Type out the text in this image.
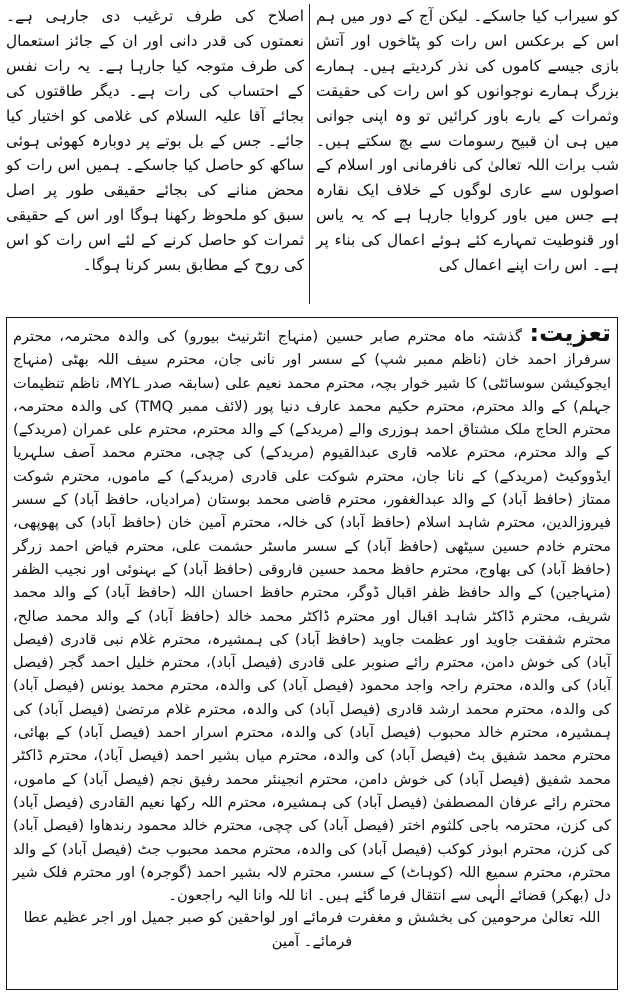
کو سیراب کیا جاسکے۔ لیکن آج کے دور میں ہم اس کے برعکس اس رات کو پٹاخوں اور آتش بازی جیسے کاموں کی نذر کردیتے ہیں۔ ہمارے بزرگ ہمارے نوجوانوں کو اس رات کی حقیقت وثمرات کے بارے باور کرائیں تو وہ اپنی جوانی میں ہی ان قبیح رسومات سے بچ سکتے ہیں۔ شب برات اللہ تعالیٰ کی نافرمانی اور اسلام کے اصولوں سے عاری لوگوں کے خلاف ایک نقارہ ہے جس میں باور کروایا جارہا ہے کہ یہ یاس اور قنوطیت تمہارے کئے ہوئے اعمال کی بناء پر ہے۔ اس رات اپنے اعمال کی

اصلاح کی طرف ترغیب دی جارہی ہے۔ نعمتوں کی قدر دانی اور ان کے جائز استعمال کی طرف متوجہ کیا جارہا ہے۔ یہ رات نفس کے احتساب کی رات ہے۔ دیگر طاقتوں کی بجائے آقا علیہ السلام کی غلامی کو اختیار کیا جائے۔ جس کے بل بوتے پر دوبارہ کھوئی ہوئی ساکھ کو حاصل کیا جاسکے۔ ہمیں اس رات کو محض منانے کی بجائے حقیقی طور پر اصل سبق کو ملحوظ رکھنا ہوگا اور اس کے حقیقی ثمرات کو حاصل کرنے کے لئے اس رات کو اس کی روح کے مطابق بسر کرنا ہوگا۔

تعزیت: گذشتہ ماہ محترم صابر حسین (منہاج انٹرنیٹ بیورو) کی والدہ محترمہ، محترم سرفراز احمد خان (ناظم ممبر شپ) کے سسر اور نانی جان، محترم سیف اللہ بھٹی (منہاج ایجوکیشن سوسائٹی) کا شیر خوار بچہ، محترم محمد نعیم علی (سابقہ صدر MYL، ناظم تنظیمات جہلم) کے والد محترم، محترم حکیم محمد عارف دنیا پور (لائف ممبر TMQ) کی والدہ محترمہ، محترم الحاج ملک مشتاق احمد ہوزری والے (مریدکے) کے والد محترم، محترم علی عمران (مریدکے) کے والد محترم، محترم علامہ قاری عبدالقیوم (مریدکے) کی چچی، محترم محمد آصف سلہریا ایڈووکیٹ (مریدکے) کے نانا جان، محترم شوکت علی قادری (مریدکے) کے ماموں، محترم شوکت ممتاز (حافظ آباد) کے والد عبدالغفور، محترم قاضی محمد بوستان (مرادیاں، حافظ آباد) کے سسر فیروزالدین، محترم شاہد اسلام (حافظ آباد) کی خالہ، محترم آمین خان (حافظ آباد) کی پھوپھی، محترم خادم حسین سیٹھی (حافظ آباد) کے سسر ماسٹر حشمت علی، محترم فیاض احمد زرگر (حافظ آباد) کی بھاوج، محترم حافظ محمد حسین فاروقی (حافظ آباد) کے بہنوئی اور نجیب الظفر (منہاجین) کے والد حافظ ظفر اقبال ڈوگر، محترم حافظ احسان اللہ (حافظ آباد) کے والد محمد شریف، محترم ڈاکٹر شاہد اقبال اور محترم ڈاکٹر محمد خالد (حافظ آباد) کے والد محمد صالح، محترم شفقت جاوید اور عظمت جاوید (حافظ آباد) کی ہمشیرہ، محترم غلام نبی قادری (فیصل آباد) کی خوش دامن، محترم رائے صنوبر علی قادری (فیصل آباد)، محترم خلیل احمد گجر (فیصل آباد) کی والدہ، محترم راجہ واجد محمود (فیصل آباد) کی والدہ، محترم محمد یونس (فیصل آباد) کی والدہ، محترم محمد ارشد قادری (فیصل آباد) کی والدہ، محترم غلام مرتضیٰ (فیصل آباد) کی ہمشیرہ، محترم خالد محبوب (فیصل آباد) کی والدہ، محترم اسرار احمد (فیصل آباد) کے بھائی، محترم محمد شفیق بٹ (فیصل آباد) کی والدہ، محترم میاں بشیر احمد (فیصل آباد)، محترم ڈاکٹر محمد شفیق (فیصل آباد) کی خوش دامن، محترم انجینئر محمد رفیق نجم (فیصل آباد) کے ماموں، محترم رائے عرفان المصطفیٰ (فیصل آباد) کی ہمشیرہ، محترم اللہ رکھا نعیم القادری (فیصل آباد) کی کزن، محترمہ باجی کلثوم اختر (فیصل آباد) کی چچی، محترم خالد محمود رندھاوا (فیصل آباد) کی کزن، محترم ابوذر کوکب (فیصل آباد) کی والدہ، محترم محمد محبوب جٹ (فیصل آباد) کے والد محترم، محترم سمیع اللہ (کوہاٹ) کے سسر، محترم لالہ بشیر احمد (گوجرہ) اور محترم فلک شیر دل (بھکر) قضائے الٰہی سے انتقال فرما گئے ہیں۔ انا للہ وانا الیہ راجعون۔

اللہ تعالیٰ مرحومین کی بخشش و مغفرت فرمائے اور لواحقین کو صبر جمیل اور اجر عظیم عطا فرمائے۔ آمین
